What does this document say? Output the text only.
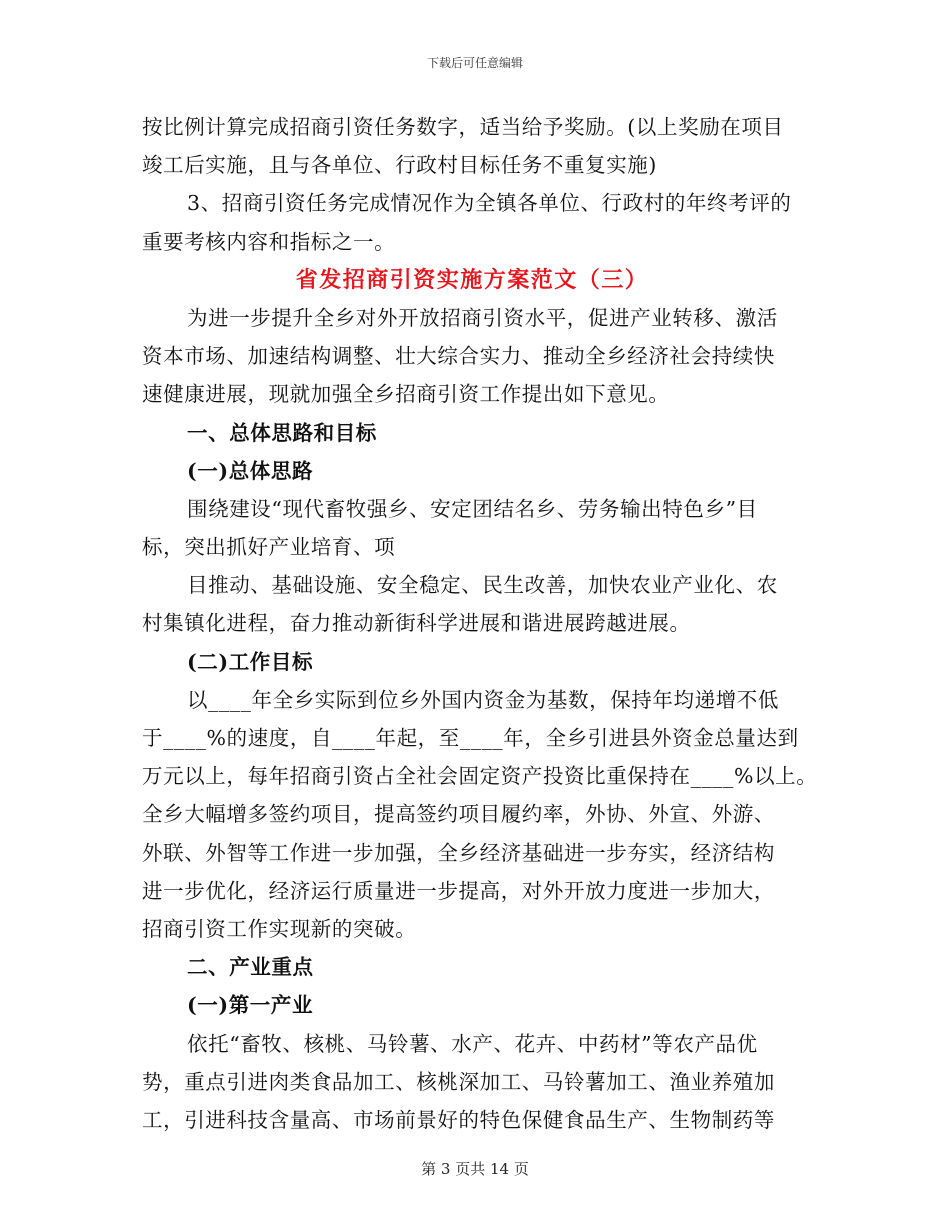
下载后可任意编辑
按比例计算完成招商引资任务数字，适当给予奖励。(以上奖励在项目
竣工后实施，且与各单位、行政村目标任务不重复实施)
3、招商引资任务完成情况作为全镇各单位、行政村的年终考评的
重要考核内容和指标之一。
省发招商引资实施方案范文（三）
为进一步提升全乡对外开放招商引资水平，促进产业转移、激活
资本市场、加速结构调整、壮大综合实力、推动全乡经济社会持续快
速健康进展，现就加强全乡招商引资工作提出如下意见。
一、总体思路和目标
(一)总体思路
围绕建设“现代畜牧强乡、安定团结名乡、劳务输出特色乡”目
标，突出抓好产业培育、项
目推动、基础设施、安全稳定、民生改善，加快农业产业化、农
村集镇化进程，奋力推动新街科学进展和谐进展跨越进展。
(二)工作目标
以____年全乡实际到位乡外国内资金为基数，保持年均递增不低
于____%的速度，自____年起，至____年，全乡引进县外资金总量达到
万元以上，每年招商引资占全社会固定资产投资比重保持在____%以上。
全乡大幅增多签约项目，提高签约项目履约率，外协、外宣、外游、
外联、外智等工作进一步加强，全乡经济基础进一步夯实，经济结构
进一步优化，经济运行质量进一步提高，对外开放力度进一步加大，
招商引资工作实现新的突破。
二、产业重点
(一)第一产业
依托“畜牧、核桃、马铃薯、水产、花卉、中药材”等农产品优
势，重点引进肉类食品加工、核桃深加工、马铃薯加工、渔业养殖加
工，引进科技含量高、市场前景好的特色保健食品生产、生物制药等
第 3 页共 14 页
